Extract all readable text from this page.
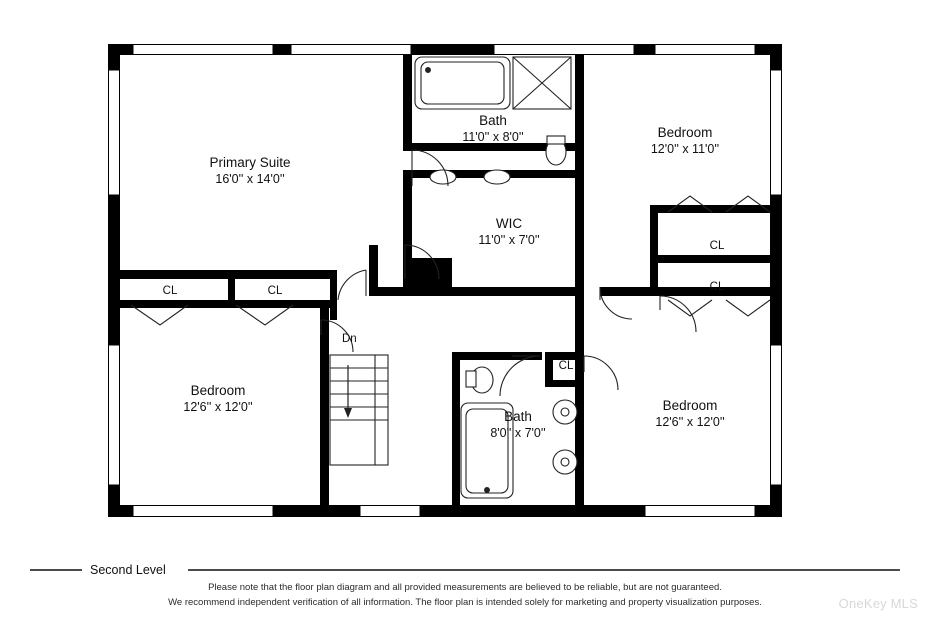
Primary Suite
16'0'' x 14'0''
Bath
11'0'' x 8'0''	Bedroom
12'0'' x 11'0''
WIC
11'0'' x 7'0''
Bedroom
12'6'' x 12'0''
Bath
8'0'' x 7'0''
Bedroom
12'6'' x 12'0''
CL	CL
CL
CL
CL
Dn
Second Level
Please note that the floor plan diagram and all provided measurements are believed to be reliable, but are not guaranteed.
We recommend independent verification of all information. The floor plan is intended solely for marketing and property visualization purposes.	OneKey MLS
